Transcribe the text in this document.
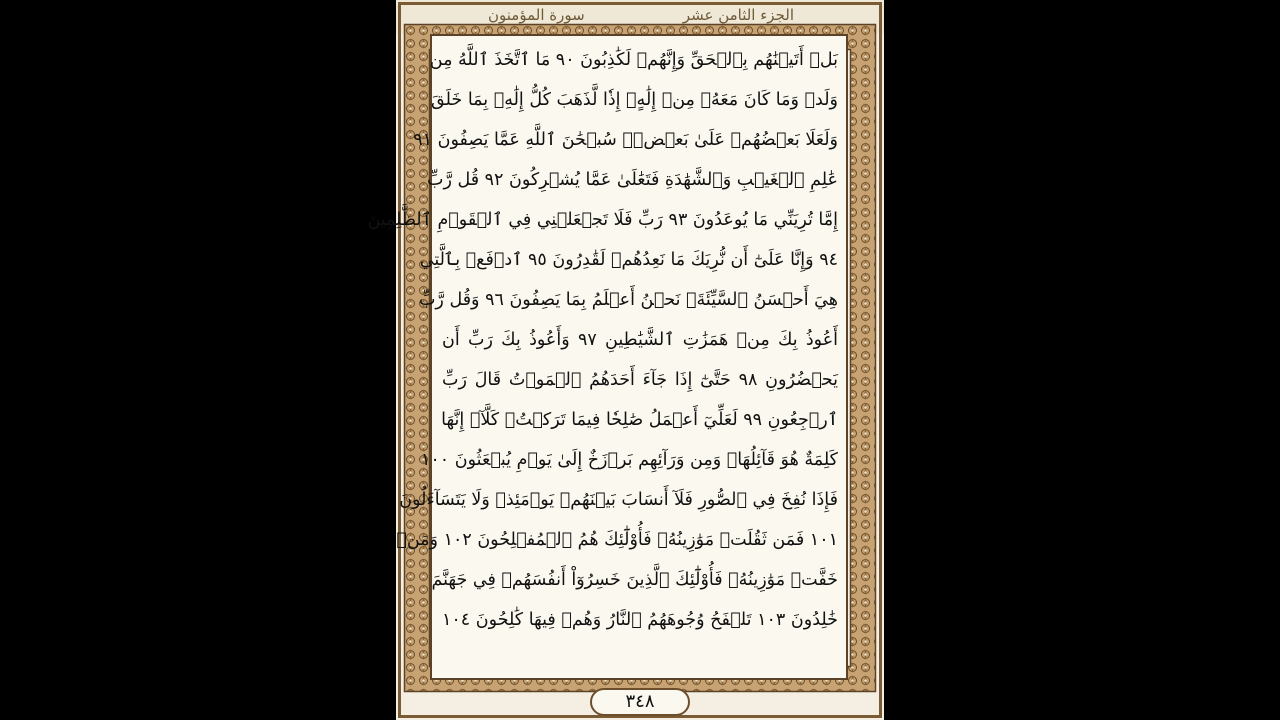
سورة المؤمنون	الجزء الثامن عشر
بَلۡ أَتَيۡنَٰهُم بِٱلۡحَقِّ وَإِنَّهُمۡ لَكَٰذِبُونَ ٩٠ مَا ٱتَّخَذَ ٱللَّهُ مِن
وَلَدٖ وَمَا كَانَ مَعَهُۥ مِنۡ إِلَٰهٍۚ إِذٗا لَّذَهَبَ كُلُّ إِلَٰهِۭ بِمَا خَلَقَ
وَلَعَلَا بَعۡضُهُمۡ عَلَىٰ بَعۡضٖۚ سُبۡحَٰنَ ٱللَّهِ عَمَّا يَصِفُونَ ٩١
عَٰلِمِ ٱلۡغَيۡبِ وَٱلشَّهَٰدَةِ فَتَعَٰلَىٰ عَمَّا يُشۡرِكُونَ ٩٢ قُل رَّبِّ
إِمَّا تُرِيَنِّي مَا يُوعَدُونَ ٩٣ رَبِّ فَلَا تَجۡعَلۡنِي فِي ٱلۡقَوۡمِ ٱلظَّٰلِمِينَ
٩٤ وَإِنَّا عَلَىٰٓ أَن نُّرِيَكَ مَا نَعِدُهُمۡ لَقَٰدِرُونَ ٩٥ ٱدۡفَعۡ بِٱلَّتِي
هِيَ أَحۡسَنُ ٱلسَّيِّئَةَۚ نَحۡنُ أَعۡلَمُ بِمَا يَصِفُونَ ٩٦ وَقُل رَّبِّ
أَعُوذُ بِكَ مِنۡ هَمَزَٰتِ ٱلشَّيَٰطِينِ ٩٧ وَأَعُوذُ بِكَ رَبِّ أَن
يَحۡضُرُونِ ٩٨ حَتَّىٰٓ إِذَا جَآءَ أَحَدَهُمُ ٱلۡمَوۡتُ قَالَ رَبِّ
ٱرۡجِعُونِ ٩٩ لَعَلِّيٓ أَعۡمَلُ صَٰلِحٗا فِيمَا تَرَكۡتُۚ كَلَّآۚ إِنَّهَا
كَلِمَةٌ هُوَ قَآئِلُهَاۖ وَمِن وَرَآئِهِم بَرۡزَخٌ إِلَىٰ يَوۡمِ يُبۡعَثُونَ ١٠٠
فَإِذَا نُفِخَ فِي ٱلصُّورِ فَلَآ أَنسَابَ بَيۡنَهُمۡ يَوۡمَئِذٖ وَلَا يَتَسَآءَلُونَ
١٠١ فَمَن ثَقُلَتۡ مَوَٰزِينُهُۥ فَأُوْلَٰٓئِكَ هُمُ ٱلۡمُفۡلِحُونَ ١٠٢ وَمَنۡ
خَفَّتۡ مَوَٰزِينُهُۥ فَأُوْلَٰٓئِكَ ٱلَّذِينَ خَسِرُوٓاْ أَنفُسَهُمۡ فِي جَهَنَّمَ
خَٰلِدُونَ ١٠٣ تَلۡفَحُ وُجُوهَهُمُ ٱلنَّارُ وَهُمۡ فِيهَا كَٰلِحُونَ ١٠٤
٣٤٨
